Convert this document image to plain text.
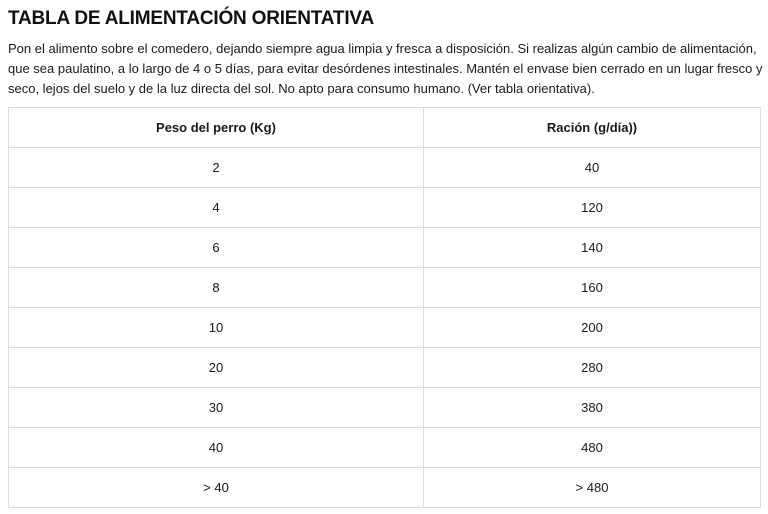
TABLA DE ALIMENTACIÓN ORIENTATIVA

Pon el alimento sobre el comedero, dejando siempre agua limpia y fresca a disposición. Si realizas algún cambio de alimentación, que sea paulatino, a lo largo de 4 o 5 días, para evitar desórdenes intestinales. Mantén el envase bien cerrado en un lugar fresco y seco, lejos del suelo y de la luz directa del sol. No apto para consumo humano. (Ver tabla orientativa).

Peso del perro (Kg)	Ración (g/día))
2	40
4	120
6	140
8	160
10	200
20	280
30	380
40	480
> 40	> 480
